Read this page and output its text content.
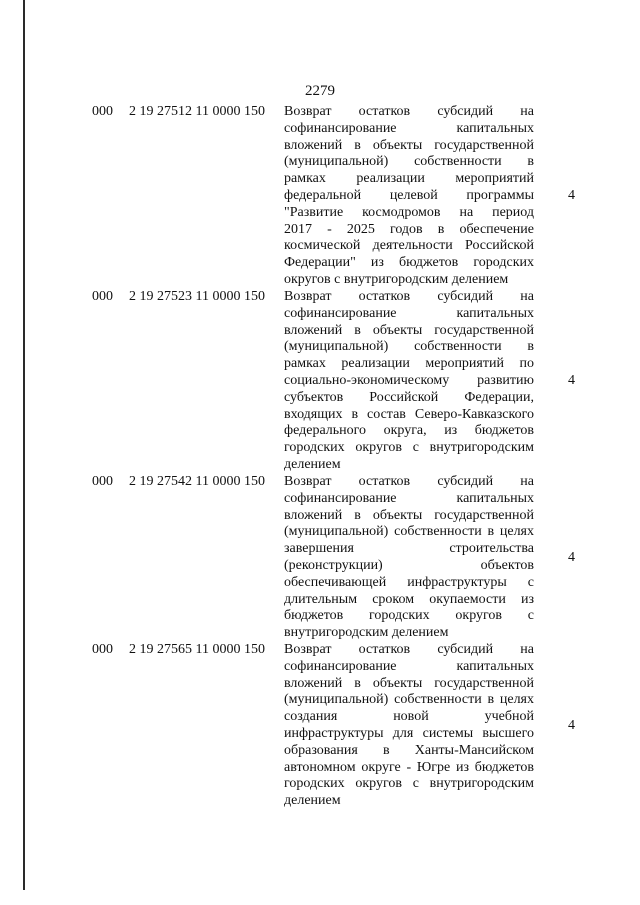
2279
000 2 19 27512 11 0000 150 Возврат остатков субсидий на
софинансирование капитальных
вложений в объекты государственной
(муниципальной) собственности в
рамках реализации мероприятий
федеральной целевой программы
"Развитие космодромов на период
2017 - 2025 годов в обеспечение
космической деятельности Российской
Федерации" из бюджетов городских
округов с внутригородским делением
4
000 2 19 27523 11 0000 150 Возврат остатков субсидий на
софинансирование капитальных
вложений в объекты государственной
(муниципальной) собственности в
рамках реализации мероприятий по
социально-экономическому развитию
субъектов Российской Федерации,
входящих в состав Северо-Кавказского
федерального округа, из бюджетов
городских округов с внутригородским
делением
4
000 2 19 27542 11 0000 150 Возврат остатков субсидий на
софинансирование капитальных
вложений в объекты государственной
(муниципальной) собственности в целях
завершения строительства
(реконструкции) объектов
обеспечивающей инфраструктуры с
длительным сроком окупаемости из
бюджетов городских округов с
внутригородским делением
4
000 2 19 27565 11 0000 150 Возврат остатков субсидий на
софинансирование капитальных
вложений в объекты государственной
(муниципальной) собственности в целях
создания новой учебной
инфраструктуры для системы высшего
образования в Ханты-Мансийском
автономном округе - Югре из бюджетов
городских округов с внутригородским
делением
4
